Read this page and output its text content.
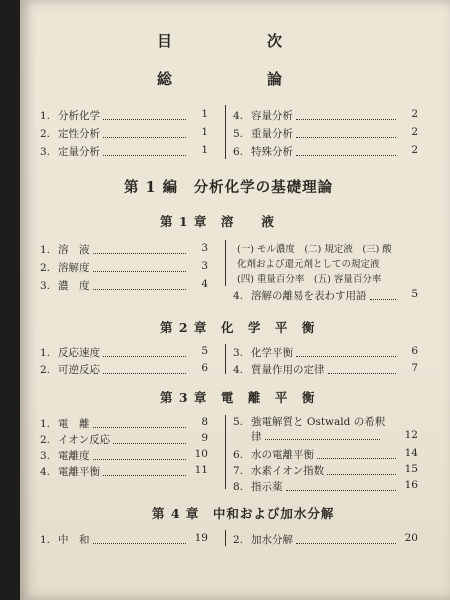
目	次
総	論
1. 分析化学	1
2. 定性分析	1
3. 定量分析	1
4. 容量分析	2
5. 重量分析	2
6. 特殊分析	2
第 1 編　分析化学の基礎理論
第 1 章　溶　　液
1. 溶　液	3
2. 溶解度	3
3. 濃　度	4
(一) モル濃度　(二) 規定液　(三) 酸
化剤および還元剤としての規定液
(四) 重量百分率　(五) 容量百分率
4. 溶解の離易を表わす用語	5
第 2 章　化　学　平　衡
1. 反応速度	5
2. 可逆反応	6
3. 化学平衡	6
4. 質量作用の定律	7
第 3 章　電　離　平　衡
1. 電　離	8
2. イオン反応	9
3. 電離度	10
4. 電離平衡	11
5. 強電解質と Ostwald の希釈
律	12
6. 水の電離平衡	14
7. 水素イオン指数	15
8. 指示薬	16
第 4 章　中和および加水分解
1. 中　和	19 2. 加水分解	20
